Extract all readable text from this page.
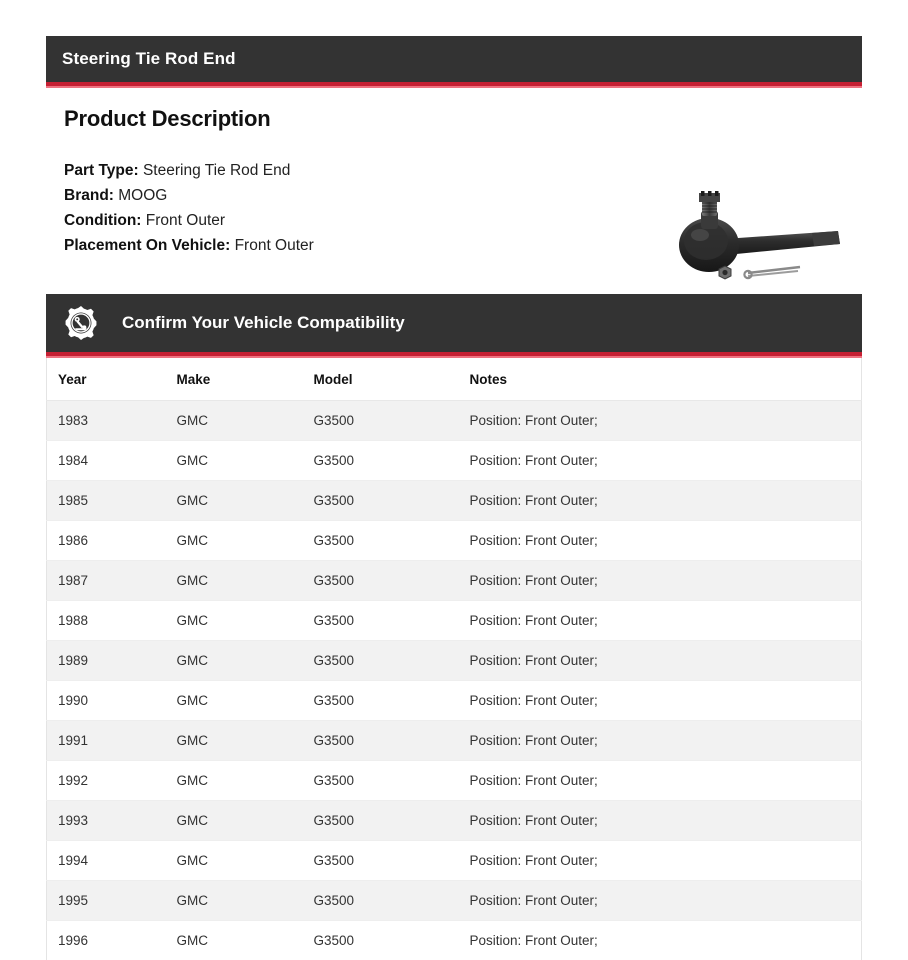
Steering Tie Rod End
Product Description
Part Type: Steering Tie Rod End
Brand: MOOG
Condition: Front Outer
Placement On Vehicle: Front Outer
Confirm Your Vehicle Compatibility
Year	Make	Model	Notes
1983	GMC	G3500	Position: Front Outer;
1984	GMC	G3500	Position: Front Outer;
1985	GMC	G3500	Position: Front Outer;
1986	GMC	G3500	Position: Front Outer;
1987	GMC	G3500	Position: Front Outer;
1988	GMC	G3500	Position: Front Outer;
1989	GMC	G3500	Position: Front Outer;
1990	GMC	G3500	Position: Front Outer;
1991	GMC	G3500	Position: Front Outer;
1992	GMC	G3500	Position: Front Outer;
1993	GMC	G3500	Position: Front Outer;
1994	GMC	G3500	Position: Front Outer;
1995	GMC	G3500	Position: Front Outer;
1996	GMC	G3500	Position: Front Outer;
